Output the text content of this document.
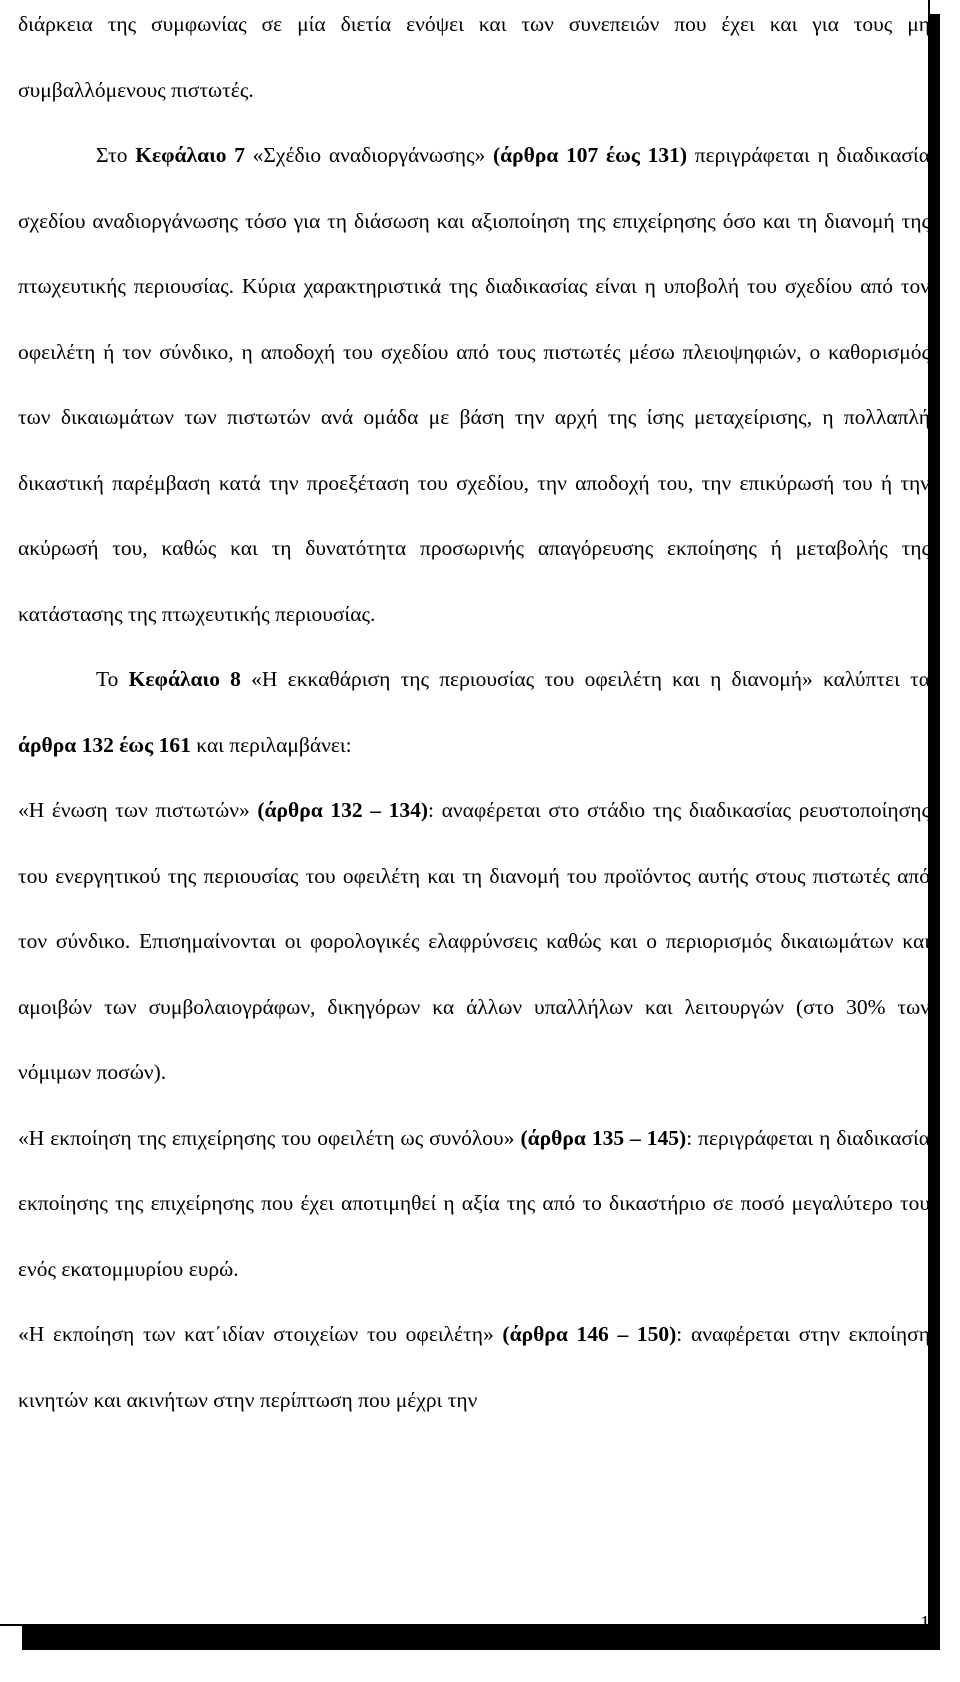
διάρκεια της συμφωνίας σε μία διετία ενόψει και των συνεπειών που έχει και για τους μη συμβαλλόμενους πιστωτές.

Στο Κεφάλαιο 7 «Σχέδιο αναδιοργάνωσης» (άρθρα 107 έως 131) περιγράφεται η διαδικασία σχεδίου αναδιοργάνωσης τόσο για τη διάσωση και αξιοποίηση της επιχείρησης όσο και τη διανομή της πτωχευτικής περιουσίας. Κύρια χαρακτηριστικά της διαδικασίας είναι η υποβολή του σχεδίου από τον οφειλέτη ή τον σύνδικο, η αποδοχή του σχεδίου από τους πιστωτές μέσω πλειοψηφιών, ο καθορισμός των δικαιωμάτων των πιστωτών ανά ομάδα με βάση την αρχή της ίσης μεταχείρισης, η πολλαπλή δικαστική παρέμβαση κατά την προεξέταση του σχεδίου, την αποδοχή του, την επικύρωσή του ή την ακύρωσή του, καθώς και τη δυνατότητα προσωρινής απαγόρευσης εκποίησης ή μεταβολής της κατάστασης της πτωχευτικής περιουσίας.

Το Κεφάλαιο 8 «Η εκκαθάριση της περιουσίας του οφειλέτη και η διανομή» καλύπτει τα άρθρα 132 έως 161 και περιλαμβάνει:

«Η ένωση των πιστωτών» (άρθρα 132 – 134): αναφέρεται στο στάδιο της διαδικασίας ρευστοποίησης του ενεργητικού της περιουσίας του οφειλέτη και τη διανομή του προϊόντος αυτής στους πιστωτές από τον σύνδικο. Επισημαίνονται οι φορολογικές ελαφρύνσεις καθώς και ο περιορισμός δικαιωμάτων και αμοιβών των συμβολαιογράφων, δικηγόρων κα άλλων υπαλλήλων και λειτουργών (στο 30% των νόμιμων ποσών).

«Η εκποίηση της επιχείρησης του οφειλέτη ως συνόλου» (άρθρα 135 – 145): περιγράφεται η διαδικασία εκποίησης της επιχείρησης που έχει αποτιμηθεί η αξία της από το δικαστήριο σε ποσό μεγαλύτερο του ενός εκατομμυρίου ευρώ.

«Η εκποίηση των κατ΄ιδίαν στοιχείων του οφειλέτη» (άρθρα 146 – 150): αναφέρεται στην εκποίηση κινητών και ακινήτων στην περίπτωση που μέχρι την

16
